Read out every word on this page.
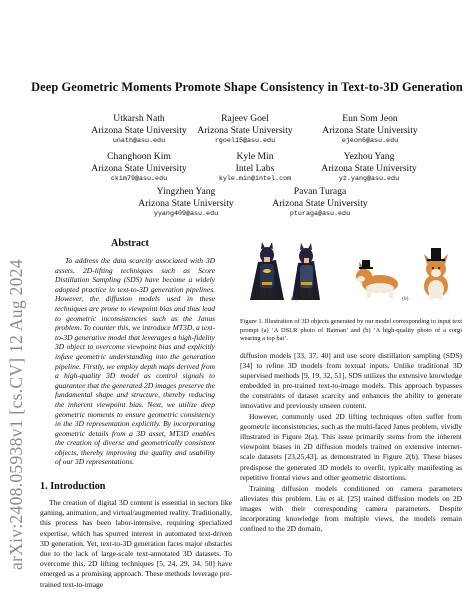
arXiv:2408.05938v1 [cs.CV] 12 Aug 2024
Deep Geometric Moments Promote Shape Consistency in Text-to-3D Generation
Utkarsh Nath
Arizona State University
unath@asu.edu
Rajeev Goel
Arizona State University
rgoel15@asu.edu
Eun Som Jeon
Arizona State University
ejeon6@asu.edu
Changhoon Kim
Arizona State University
ckim79@asu.edu
Kyle Min
Intel Labs
kyle.min@intel.com
Yezhou Yang
Arizona State University
yz.yang@asu.edu
Yingzhen Yang
Arizona State University
yyang409@asu.edu
Pavan Turaga
Arizona State University
pturaga@asu.edu
Abstract

To address the data scarcity associated with 3D assets, 2D-lifting techniques such as Score Distillation Sampling (SDS) have become a widely adopted practice in text-to-3D generation pipelines. However, the diffusion models used in these techniques are prone to viewpoint bias and thus lead to geometric inconsistencies such as the Janus problem. To counter this, we introduce MT3D, a text-to-3D generative model that leverages a high-fidelity 3D object to overcome viewpoint bias and explicitly infuse geometric understanding into the generation pipeline. Firstly, we employ depth maps derived from a high-quality 3D model as control signals to guarantee that the generated 2D images preserve the fundamental shape and structure, thereby reducing the inherent viewpoint bias. Next, we utilize deep geometric moments to ensure geometric consistency in the 3D representation explicitly. By incorporating geometric details from a 3D asset, MT3D enables the creation of diverse and geometrically consistent objects, thereby improving the quality and usability of our 3D representations.

1. Introduction

The creation of digital 3D content is essential in sectors like gaming, animation, and virtual/augmented reality. Traditionally, this process has been labor-intensive, requiring specialized expertise, which has spurred interest in automated text-driven 3D generation. Yet, text-to-3D generation faces major obstacles due to the lack of large-scale text-annotated 3D datasets. To overcome this, 2D lifting techniques [5, 24, 29, 34, 50] have emerged as a promising approach. These methods leverage pre-trained text-to-image

(a)	(b)

Figure 1. Illustration of 3D objects generated by our model corresponding to input text prompt (a) ‘A DSLR photo of Batman’ and (b) ‘A high-quality photo of a corgi wearing a top hat’.

diffusion models [33, 37, 40] and use score distillation sampling (SDS) [34] to refine 3D models from textual inputs. Unlike traditional 3D supervised methods [9, 19, 32, 51], SDS utilizes the extensive knowledge embedded in pre-trained text-to-image models. This approach bypasses the constraints of dataset scarcity and enhances the ability to generate innovative and previously unseen content.

However, commonly used 2D lifting techniques often suffer from geometric inconsistencies, such as the multi-faced Janus problem, vividly illustrated in Figure 2(a). This issue primarily stems from the inherent viewpoint biases in 2D diffusion models trained on extensive internet-scale datasets [23,25,43], as demonstrated in Figure 2(b). These biases predispose the generated 3D models to overfit, typically manifesting as repetitive frontal views and other geometric distortions.

Training diffusion models conditioned on camera parameters alleviates this problem. Liu et al. [25] trained diffusion models on 2D images with their corresponding camera parameters. Despite incorporating knowledge from multiple views, the models remain confined to the 2D domain,
